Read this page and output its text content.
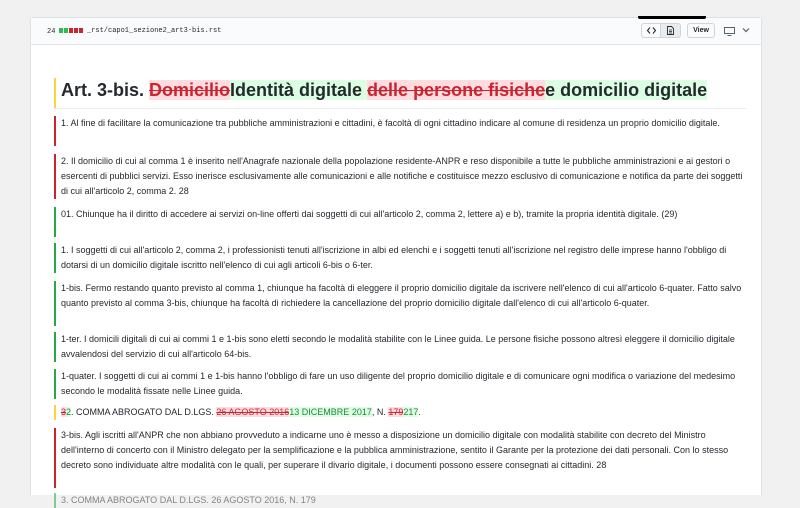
24	_rst/capo1_sezione2_art3-bis.rst	View
Art. 3-bis. DomicilioIdentità digitale delle persone fisichee domicilio digitale
1. Al fine di facilitare la comunicazione tra pubbliche amministrazioni e cittadini, è facoltà di ogni cittadino indicare al comune di residenza un proprio domicilio digitale.
2. Il domicilio di cui al comma 1 è inserito nell'Anagrafe nazionale della popolazione residente-ANPR e reso disponibile a tutte le pubbliche amministrazioni e ai gestori o esercenti di pubblici servizi. Esso inerisce esclusivamente alle comunicazioni e alle notifiche e costituisce mezzo esclusivo di comunicazione e notifica da parte dei soggetti di cui all'articolo 2, comma 2. 28
01. Chiunque ha il diritto di accedere ai servizi on-line offerti dai soggetti di cui all'articolo 2, comma 2, lettere a) e b), tramite la propria identità digitale. (29)
1. I soggetti di cui all'articolo 2, comma 2, i professionisti tenuti all'iscrizione in albi ed elenchi e i soggetti tenuti all'iscrizione nel registro delle imprese hanno l'obbligo di dotarsi di un domicilio digitale iscritto nell'elenco di cui agli articoli 6-bis o 6-ter.
1-bis. Fermo restando quanto previsto al comma 1, chiunque ha facoltà di eleggere il proprio domicilio digitale da iscrivere nell'elenco di cui all'articolo 6-quater. Fatto salvo quanto previsto al comma 3-bis, chiunque ha facoltà di richiedere la cancellazione del proprio domicilio digitale dall'elenco di cui all'articolo 6-quater.
1-ter. I domicili digitali di cui ai commi 1 e 1-bis sono eletti secondo le modalità stabilite con le Linee guida. Le persone fisiche possono altresì eleggere il domicilio digitale avvalendosi del servizio di cui all'articolo 64-bis.
1-quater. I soggetti di cui ai commi 1 e 1-bis hanno l'obbligo di fare un uso diligente del proprio domicilio digitale e di comunicare ogni modifica o variazione del medesimo secondo le modalità fissate nelle Linee guida.
32. COMMA ABROGATO DAL D.LGS. 26 AGOSTO 201613 DICEMBRE 2017, N. 179217.
3-bis. Agli iscritti all'ANPR che non abbiano provveduto a indicarne uno è messo a disposizione un domicilio digitale con modalità stabilite con decreto del Ministro dell'interno di concerto con il Ministro delegato per la semplificazione e la pubblica amministrazione, sentito il Garante per la protezione dei dati personali. Con lo stesso decreto sono individuate altre modalità con le quali, per superare il divario digitale, i documenti possono essere consegnati ai cittadini. 28
3. COMMA ABROGATO DAL D.LGS. 26 AGOSTO 2016, N. 179
